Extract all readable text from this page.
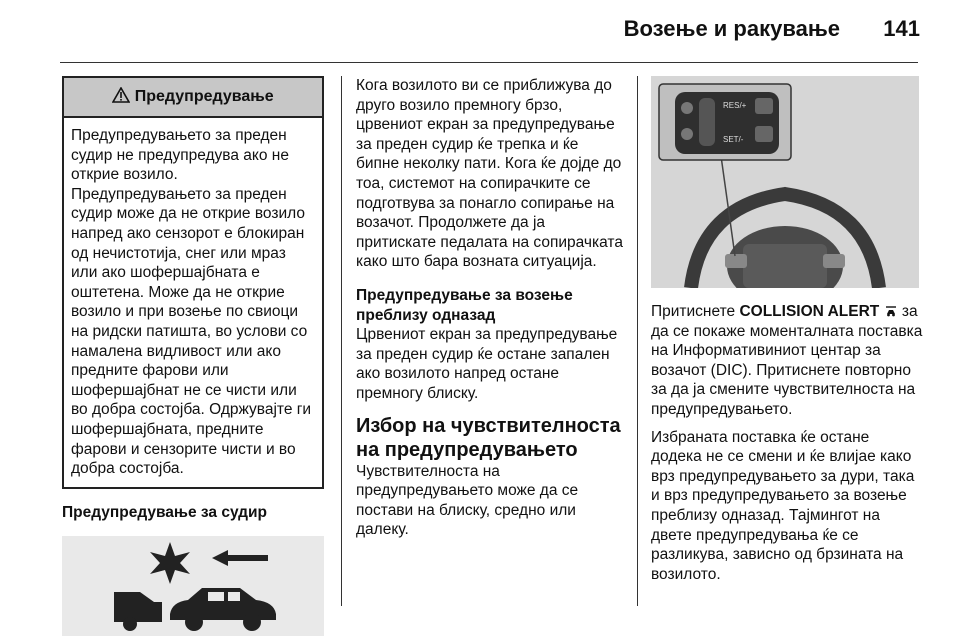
Возење и ракување 141
Предупредување

Предупредувањето за преден судир не предупредува ако не открие возило.

Предупредувањето за преден судир може да не открие возило напред ако сензорот е блокиран од нечистотија, снег или мраз или ако шофершајбната е оштетена. Може да не открие возило и при возење по свиоци на ридски патишта, во услови со намалена видливост или ако предните фарови или шофершајбнат не се чисти или во добра состојба. Одржувајте ги шофершајбната, предните фарови и сензорите чисти и во добра состојба.

Предупредување за судир

Кога возилото ви се приближува до друго возило премногу брзо, црвениот екран за предупредување за преден судир ќе трепка и ќе бипне неколку пати. Кога ќе дојде до тоа, системот на сопирачките се подготвува за понагло сопирање на возачот. Продолжете да ја притискате педалата на сопирачката како што бара возната ситуација.

Предупредување за возење преблизу одназад

Црвениот екран за предупредување за преден судир ќе остане запален ако возилото напред остане премногу блиску.

Избор на чувствителноста на предупредувањето

Чувствителноста на предупредувањето може да се постави на блиску, средно или далеку.

RES/+
SET/-

Притиснете COLLISION ALERT за да се покаже моменталната поставка на Информативиниот центар за возачот (DIC). Притиснете повторно за да ја смените чувствителноста на предупредувањето.

Избраната поставка ќе остане додека не се смени и ќе влијае како врз предупредувањето за дури, така и врз предупредувањето за возење преблизу одназад. Тајмингот на двете предупредувања ќе се разликува, зависно од брзината на возилото.
